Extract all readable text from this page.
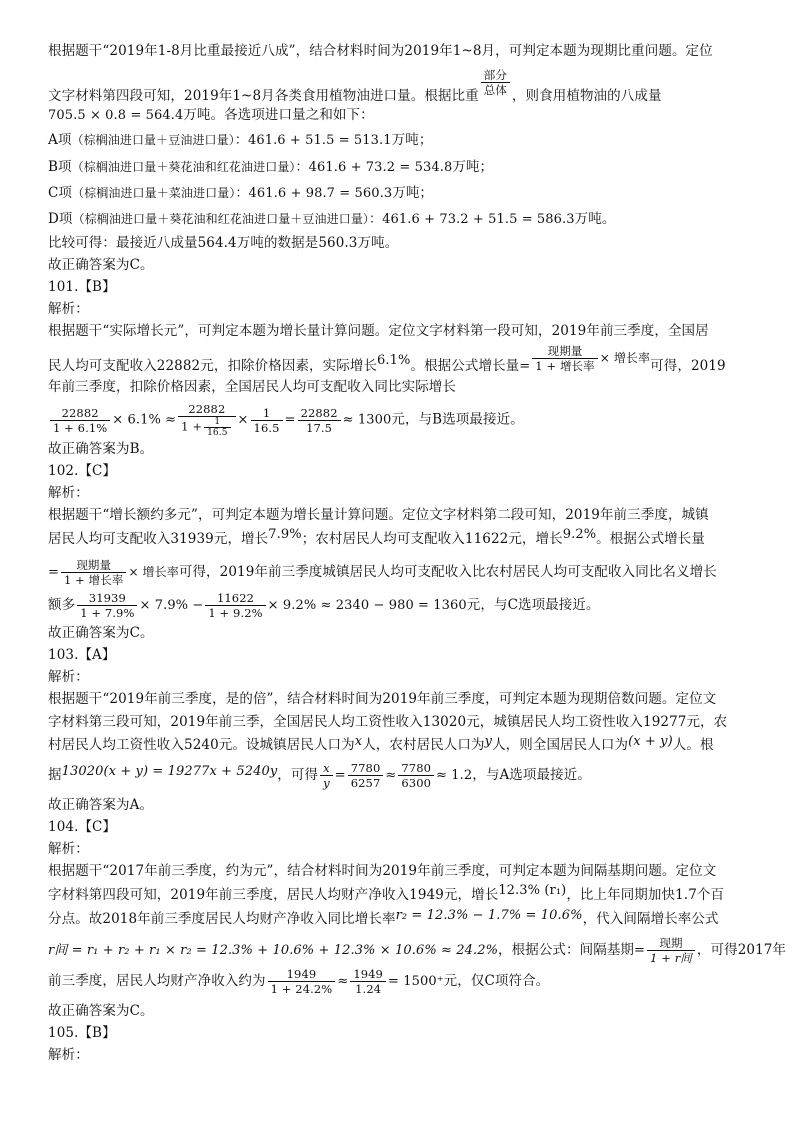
根据题干“2019年1-8月比重最接近八成”，结合材料时间为2019年1~8月，可判定本题为现期比重问题。定位
文字材料第四段可知，2019年1~8月各类食用植物油进口量。根据比重 $\frac{\text{部分}}{\text{总体}}$ ，则食用植物油的八成量
705.5 × 0.8 = 564.4万吨。各选项进口量之和如下：
A项（棕榈油进口量＋豆油进口量）：461.6 + 51.5 = 513.1万吨；
B项（棕榈油进口量＋葵花油和红花油进口量）：461.6 + 73.2 = 534.8万吨；
C项（棕榈油进口量＋菜油进口量）：461.6 + 98.7 = 560.3万吨；
D项（棕榈油进口量＋葵花油和红花油进口量＋豆油进口量）：461.6 + 73.2 + 51.5 = 586.3万吨。
比较可得：最接近八成量564.4万吨的数据是560.3万吨。
故正确答案为C。
101.【B】
解析：
根据题干“实际增长元”，可判定本题为增长量计算问题。定位文字材料第一段可知，2019年前三季度，全国居
民人均可支配收入22882元，扣除价格因素，实际增长6.1%。根据公式增长量= $\frac{\text{现期量}}{\text{1 + 增长率}}$ × 增长率可得，2019
年前三季度，扣除价格因素，全国居民人均可支配收入同比实际增长
$\frac{22882}{1 + 6.1\%} \times 6.1\% \approx \frac{22882}{1 + \frac{1}{16.5}} \times \frac{1}{16.5} = \frac{22882}{17.5} \approx 1300$元，与B选项最接近。
故正确答案为B。
102.【C】
解析：
根据题干“增长额约多元”，可判定本题为增长量计算问题。定位文字材料第二段可知，2019年前三季度，城镇
居民人均可支配收入31939元，增长7.9%；农村居民人均可支配收入11622元，增长9.2%。根据公式增长量
= $\frac{\text{现期量}}{\text{1 + 增长率}}$ × 增长率可得，2019年前三季度城镇居民人均可支配收入比农村居民人均可支配收入同比名义增长
额多 $\frac{31939}{1 + 7.9\%} \times 7.9\% - \frac{11622}{1 + 9.2\%} \times 9.2\% \approx 2340 - 980 = 1360$元，与C选项最接近。
故正确答案为C。
103.【A】
解析：
根据题干“2019年前三季度，是的倍”，结合材料时间为2019年前三季度，可判定本题为现期倍数问题。定位文
字材料第三段可知，2019年前三季，全国居民人均工资性收入13020元，城镇居民人均工资性收入19277元，农
村居民人均工资性收入5240元。设城镇居民人口为x人，农村居民人口为y人，则全国居民人口为(x + y)人。根
据13020(x + y) = 19277x + 5240y，可得 $\frac{x}{y} = \frac{7780}{6257} \approx \frac{7780}{6300} \approx 1.2$，与A选项最接近。
故正确答案为A。
104.【C】
解析：
根据题干“2017年前三季度，约为元”，结合材料时间为2019年前三季度，可判定本题为间隔基期问题。定位文
字材料第四段可知，2019年前三季度，居民人均财产净收入1949元，增长12.3% (r₁)，比上年同期加快1.7个百
分点。故2018年前三季度居民人均财产净收入同比增长率r₂ = 12.3% − 1.7% = 10.6%，代入间隔增长率公式
r间 = r₁ + r₂ + r₁ × r₂ = 12.3% + 10.6% + 12.3% × 10.6% ≈ 24.2%，根据公式：间隔基期= $\frac{\text{现期}}{\text{1 + r间}}$ ，可得2017年
前三季度，居民人均财产净收入约为 $\frac{1949}{1 + 24.2\%} \approx \frac{1949}{1.24} = 1500^+$元，仅C项符合。
故正确答案为C。
105.【B】
解析：
